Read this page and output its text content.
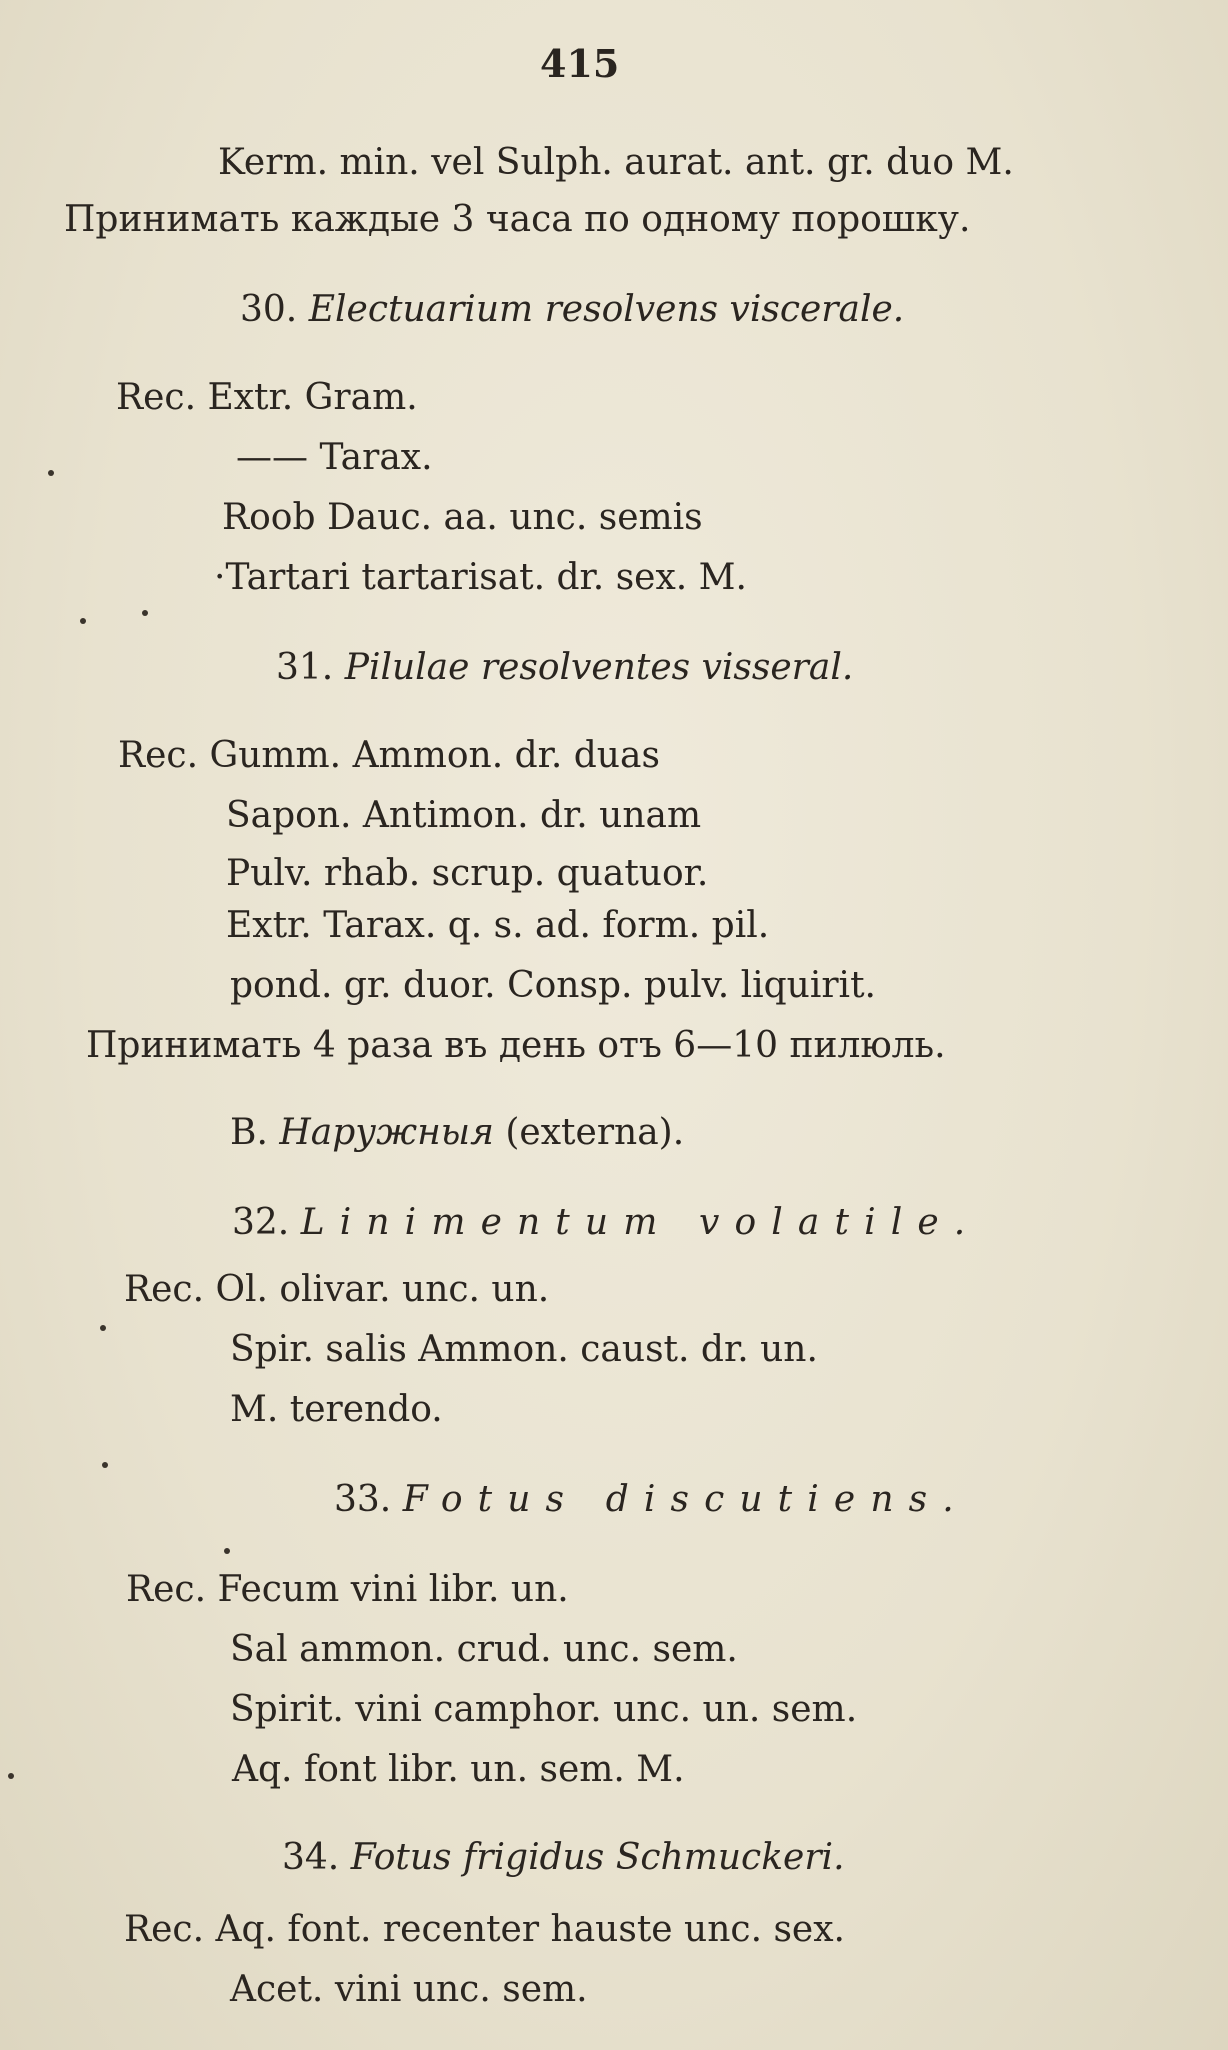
415
Kerm. min. vel Sulph. aurat. ant. gr. duo M.
Принимать каждые 3 часа по одному порошку.
30. Electuarium resolvens viscerale.
Rec. Extr. Gram.
—— Tarax.
Roob Dauc. aa. unc. semis
·Tartari tartarisat. dr. sex. M.
31. Pilulae resolventes visseral.
Rec. Gumm. Ammon. dr. duas
Sapon. Antimon. dr. unam
Pulv. rhab. scrup. quatuor.
Extr. Tarax. q. s. ad. form. pil.
pond. gr. duor. Consp. pulv. liquirit.
Принимать 4 раза въ день отъ 6—10 пилюль.
B. Наружныя (externa).
32. Linimentum volatile.
Rec. Ol. olivar. unc. un.
Spir. salis Ammon. caust. dr. un.
M. terendo.
33. Fotus discutiens.
Rec. Fecum vini libr. un.
Sal ammon. crud. unc. sem.
Spirit. vini camphor. unc. un. sem.
Aq. font libr. un. sem. M.
34. Fotus frigidus Schmuckeri.
Rec. Aq. font. recenter hauste unc. sex.
Acet. vini unc. sem.
